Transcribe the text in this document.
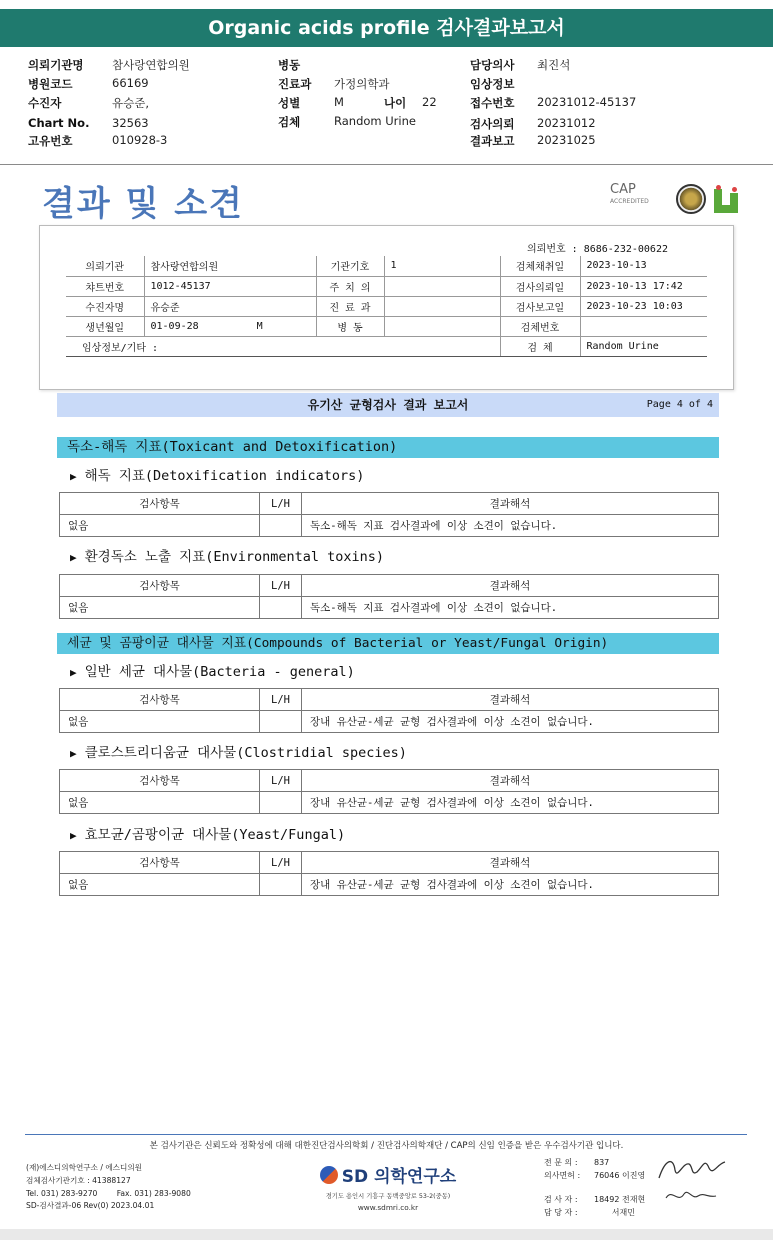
Organic acids profile 검사결과보고서
의뢰기관명 참사랑연합의원
병원코드	66169
수진자	유승준,
Chart No. 32563
고유번호	010928-3
병동
진료과 가정의학과
성별	M	나이 22
검체	Random Urine
담당의사 최진석
임상정보
접수번호 20231012-45137
검사의뢰 20231012
결과보고 20231025
결과 및 소견	CAP
ACCREDITED
의뢰번호 : 8686-232-00622
의뢰기관	참사랑연합의원	기관기호	1	검체채취일	2023-10-13
챠트번호	1012-45137	주 치 의		검사의뢰일	2023-10-13 17:42
수진자명	유승준	진 료 과		검사보고일	2023-10-23 10:03
생년월일	01-09-28 M	병 동		검체번호	
임상정보/기타 :				검 체	Random Urine
유기산 균형검사 결과 보고서	Page 4 of 4
독소-해독 지표(Toxicant and Detoxification)
▶ 해독 지표(Detoxification indicators)
검사항목	L/H	결과해석
없음		독소-해독 지표 검사결과에 이상 소견이 없습니다.
▶ 환경독소 노출 지표(Environmental toxins)
검사항목	L/H	결과해석
없음		독소-해독 지표 검사결과에 이상 소견이 없습니다.
세균 및 곰팡이균 대사물 지표(Compounds of Bacterial or Yeast/Fungal Origin)
▶ 일반 세균 대사물(Bacteria - general)
검사항목	L/H	결과해석
없음		장내 유산균-세균 균형 검사결과에 이상 소견이 없습니다.
▶ 클로스트리디움균 대사물(Clostridial species)
검사항목	L/H	결과해석
없음		장내 유산균-세균 균형 검사결과에 이상 소견이 없습니다.
▶ 효모균/곰팡이균 대사물(Yeast/Fungal)
검사항목	L/H	결과해석
없음		장내 유산균-세균 균형 검사결과에 이상 소견이 없습니다.
본 검사기관은 신뢰도와 정확성에 대해 대한진단검사의학회 / 진단검사의학재단 / CAP의 신임 인증을 받은 우수검사기관 입니다.
(재)에스디의학연구소 / 에스디의원
검체검사기관기호 : 41388127
Tel. 031) 283-9270        Fax. 031) 283-9080
SD-검사결과-06 Rev(0) 2023.04.01
SD 의학연구소
경기도 용인시 기흥구 동백중앙로 53-2(중동)
www.sdmri.co.kr
전 문 의 :	837
의사면허 :	76046 이진영
검 사 자 :	18492 전재현
담 당 자 :	서재민
